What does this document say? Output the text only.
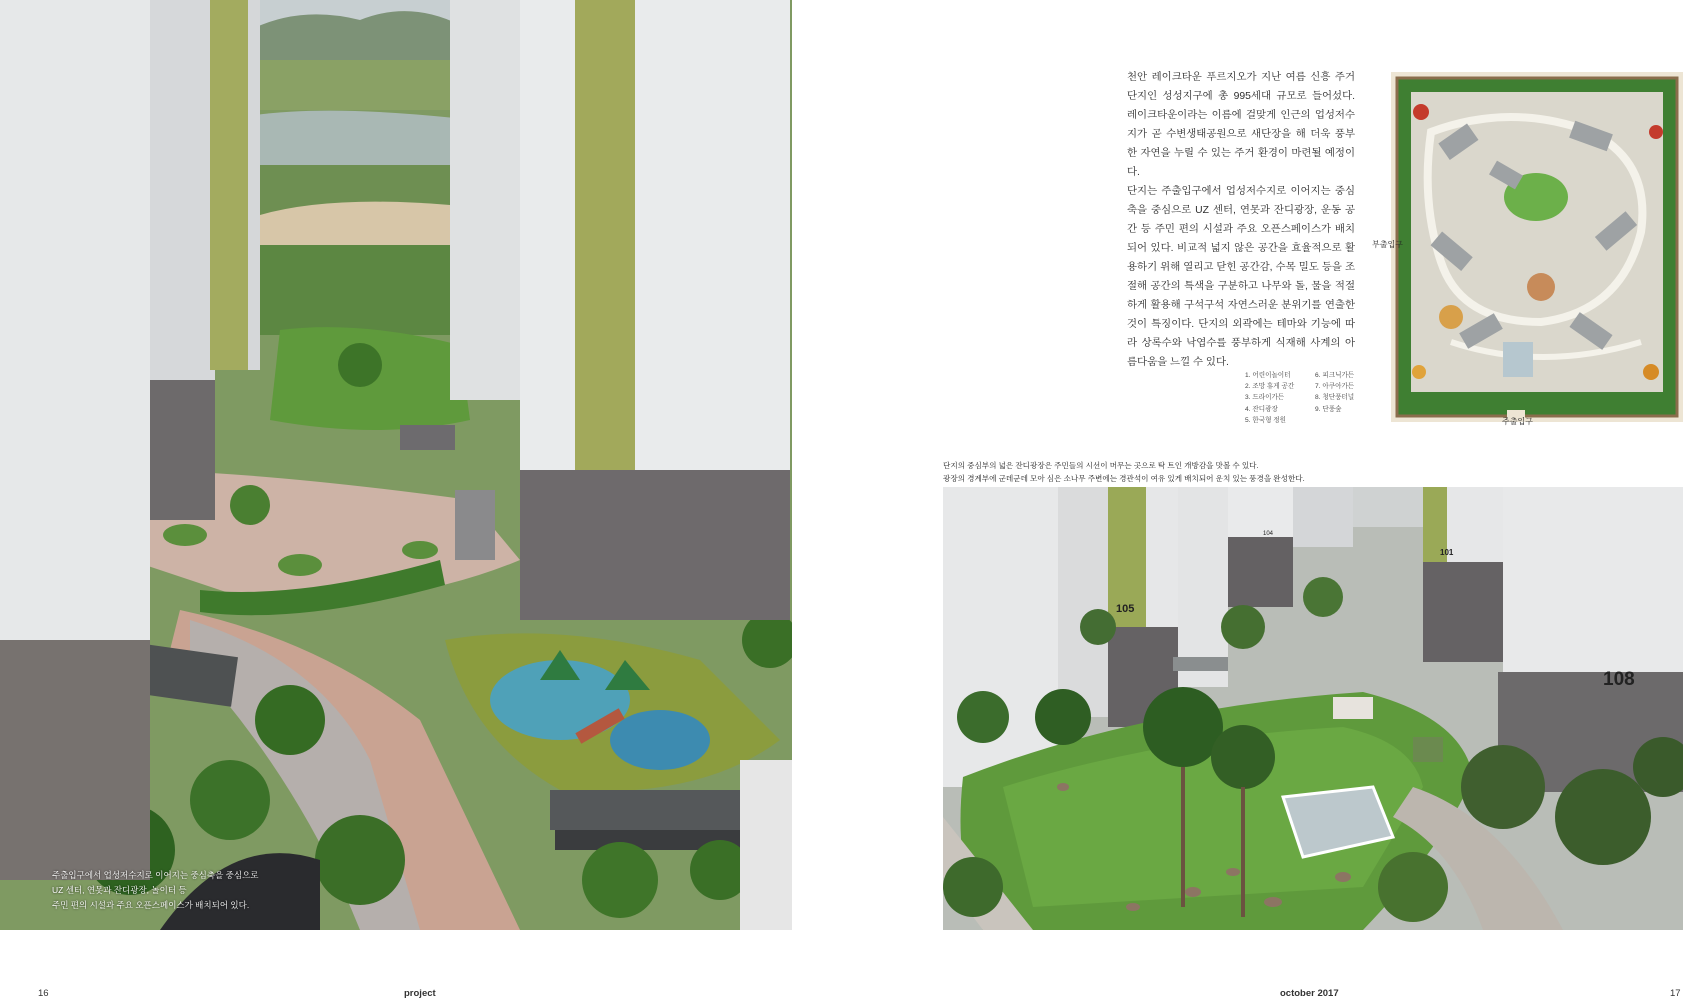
주출입구에서 업성저수지로 이어지는 중심축을 중심으로
UZ 센터, 연못과 잔디광장, 놀이터 등
주민 편의 시설과 주요 오픈스페이스가 배치되어 있다.

천안 레이크타운 푸르지오가 지난 여름 신흥 주거 단지인 성성지구에 총 995세대 규모로 들어섰다. 레이크타운이라는 이름에 걸맞게 인근의 업성저수지가 곧 수변생태공원으로 새단장을 해 더욱 풍부한 자연을 누릴 수 있는 주거 환경이 마련될 예정이다.

단지는 주출입구에서 업성저수지로 이어지는 중심축을 중심으로 UZ 센터, 연못과 잔디광장, 운동 공간 등 주민 편의 시설과 주요 오픈스페이스가 배치되어 있다. 비교적 넓지 않은 공간을 효율적으로 활용하기 위해 열리고 닫힌 공간감, 수목 밀도 등을 조절해 공간의 특색을 구분하고 나무와 돌, 물을 적절하게 활용해 구석구석 자연스러운 분위기를 연출한 것이 특징이다. 단지의 외곽에는 테마와 기능에 따라 상록수와 낙엽수를 풍부하게 식재해 사계의 아름다움을 느낄 수 있다.

부출입구
주출입구
1. 어린이놀이터
2. 조망 휴게 공간
3. 드라이가든
4. 잔디광장
5. 한국형 정원
6. 피크닉가든
7. 아쿠아가든
8. 청단풍터널
9. 단풍숲
단지의 중심부의 넓은 잔디광장은 주민들의 시선이 머무는 곳으로 탁 트인 개방감을 맛볼 수 있다.
광장의 경계부에 군데군데 모아 심은 소나무 주변에는 경관석이 여유 있게 배치되어 운치 있는 풍경을 완성한다.
105
104
101
108
16	project	october 2017	17
